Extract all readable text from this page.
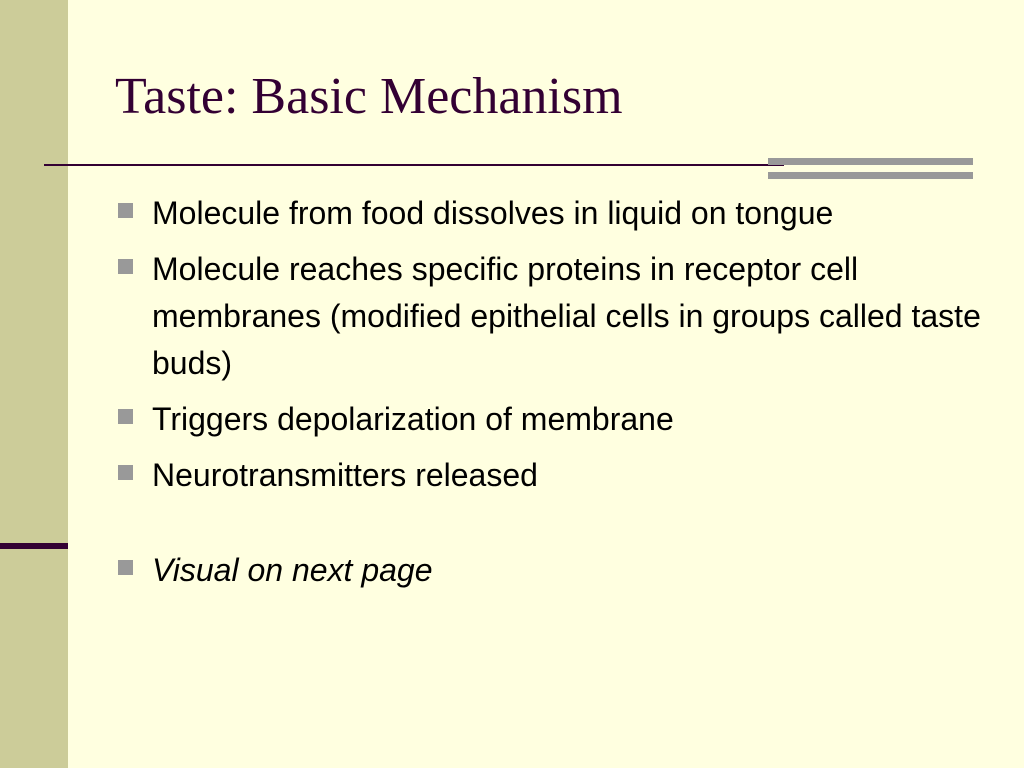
Taste: Basic Mechanism
Molecule from food dissolves in liquid on tongue
Molecule reaches specific proteins in receptor cell membranes (modified epithelial cells in groups called taste buds)
Triggers depolarization of membrane
Neurotransmitters released
Visual on next page
